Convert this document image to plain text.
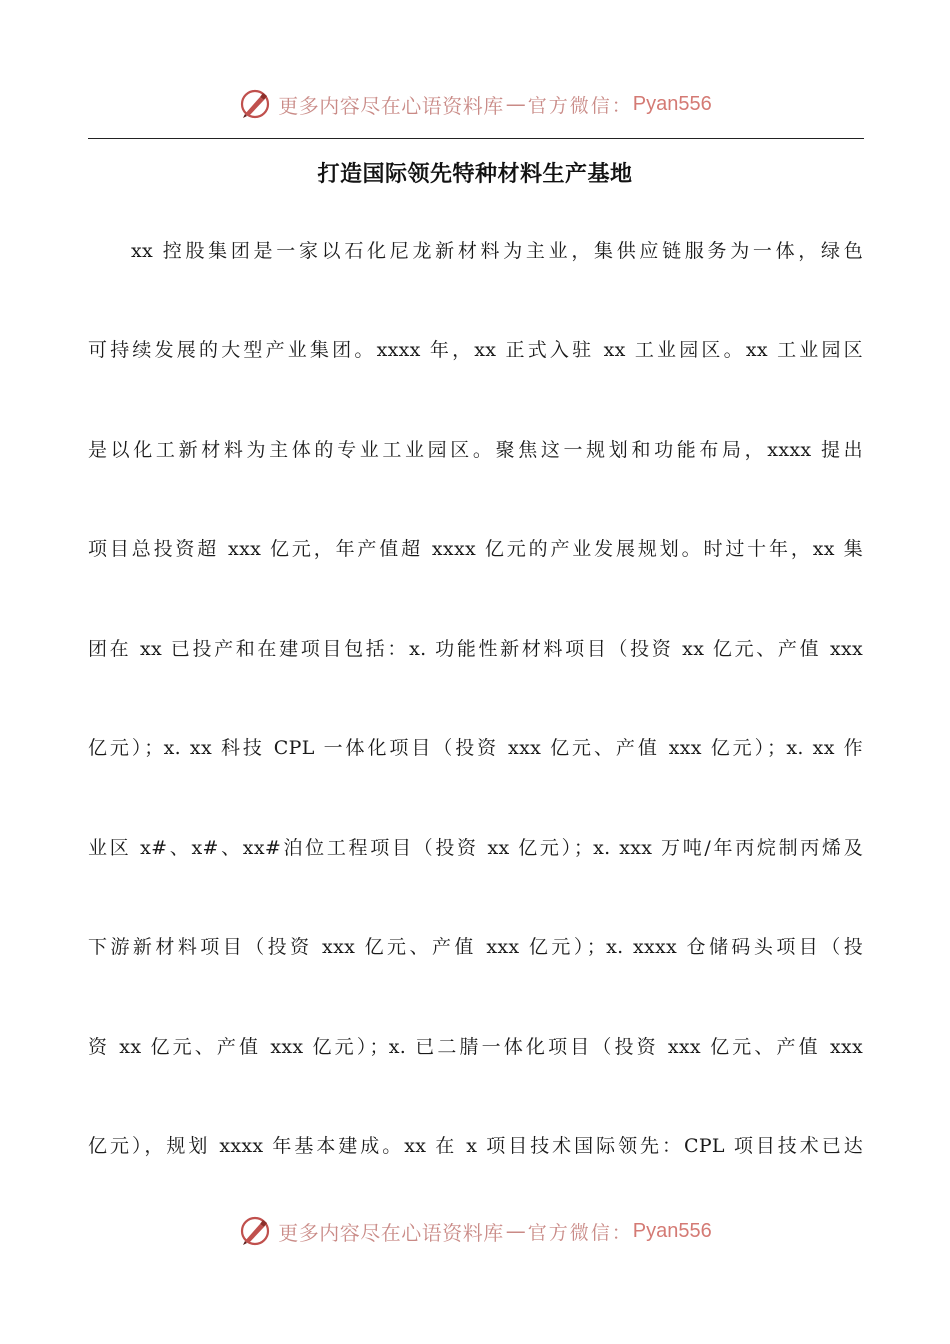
更多内容尽在心语资料库 — 官方微信： Pyan556
打造国际领先特种材料生产基地
xx 控股集团是一家以石化尼龙新材料为主业，集供应链服务为一体，绿色
可持续发展的大型产业集团。xxxx 年，xx 正式入驻 xx 工业园区。xx 工业园区
是以化工新材料为主体的专业工业园区。聚焦这一规划和功能布局，xxxx 提出
项目总投资超 xxx 亿元，年产值超 xxxx 亿元的产业发展规划。时过十年，xx 集
团在 xx 已投产和在建项目包括：x. 功能性新材料项目（投资 xx 亿元、产值 xxx
亿元）；x. xx 科技 CPL 一体化项目（投资 xxx 亿元、产值 xxx 亿元）；x. xx 作
业区 x#、x#、xx#泊位工程项目（投资 xx 亿元）；x. xxx 万吨/年丙烷制丙烯及
下游新材料项目（投资 xxx 亿元、产值 xxx 亿元）；x. xxxx 仓储码头项目（投
资 xx 亿元、产值 xxx 亿元）；x. 已二腈一体化项目（投资 xxx 亿元、产值 xxx
亿元），规划 xxxx 年基本建成。xx 在 x 项目技术国际领先：CPL 项目技术已达
更多内容尽在心语资料库 — 官方微信： Pyan556
